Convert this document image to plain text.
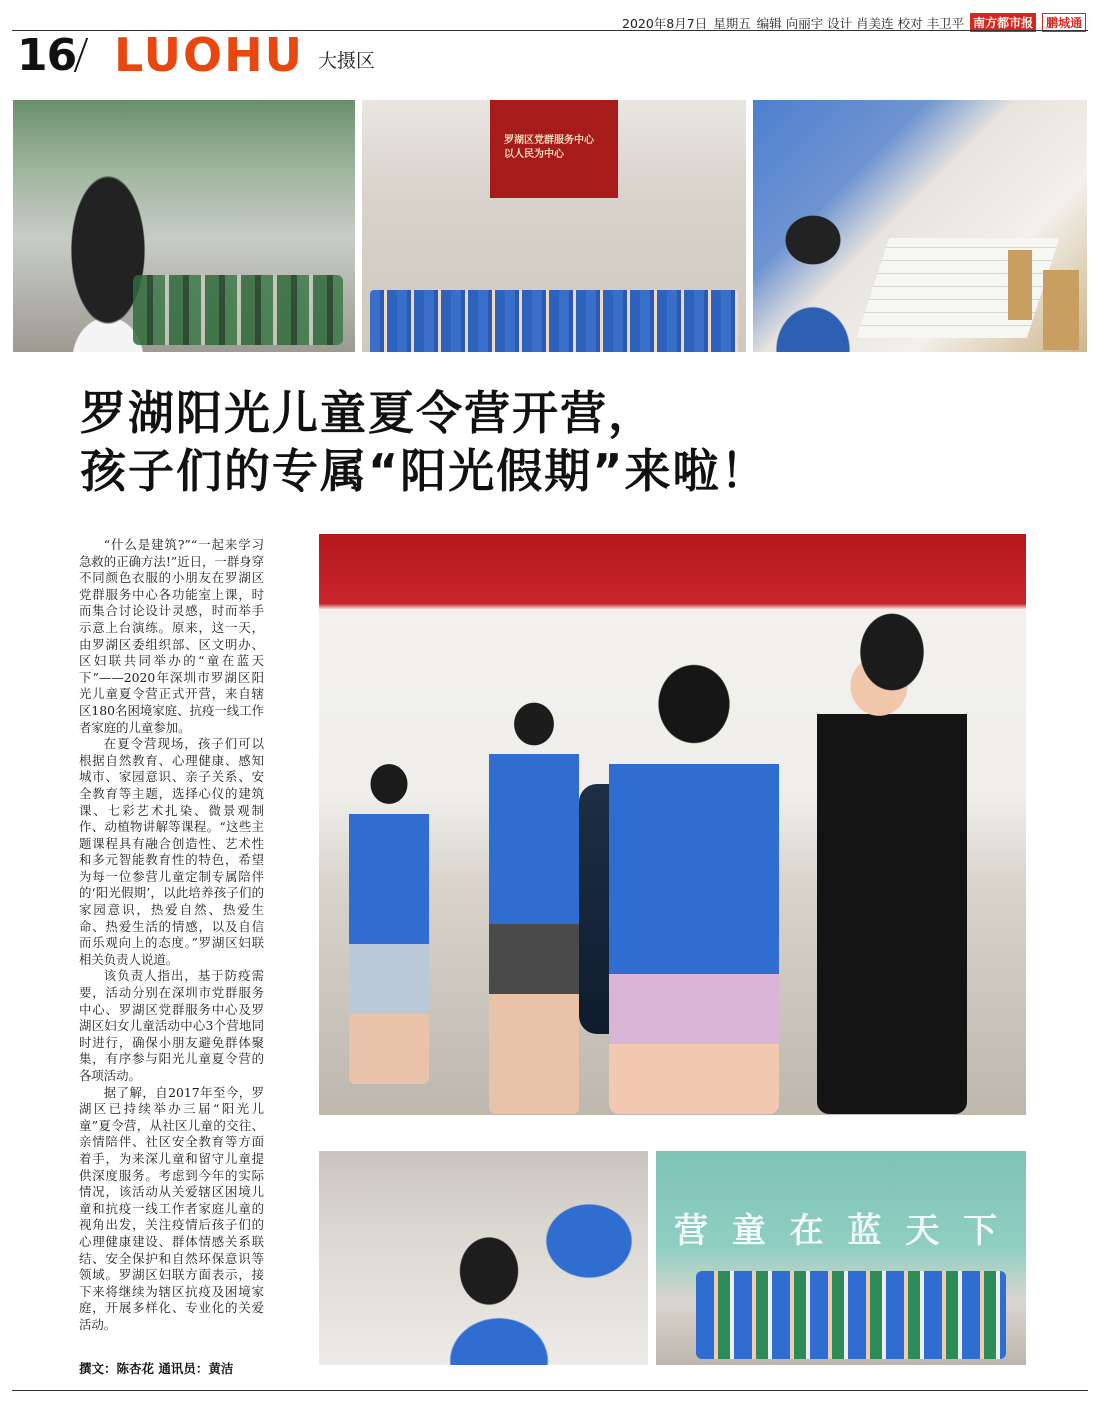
2020年8月7日 星期五 编辑 向丽宇 设计 肖美连 校对 丰卫平 南方都市报	鹏城通
16 LUOHU 大摄区
罗湖区党群服务中心
以人民为中心
罗湖阳光儿童夏令营开营，
孩子们的专属“阳光假期”来啦！

“什么是建筑?”“一起来学习急救的正确方法!”近日，一群身穿不同颜色衣服的小朋友在罗湖区党群服务中心各功能室上课，时而集合讨论设计灵感，时而举手示意上台演练。原来，这一天，由罗湖区委组织部、区文明办、区妇联共同举办的“童在蓝天下”——2020年深圳市罗湖区阳光儿童夏令营正式开营，来自辖区180名困境家庭、抗疫一线工作者家庭的儿童参加。

在夏令营现场，孩子们可以根据自然教育、心理健康、感知城市、家园意识、亲子关系、安全教育等主题，选择心仪的建筑课、七彩艺术扎染、微景观制作、动植物讲解等课程。“这些主题课程具有融合创造性、艺术性和多元智能教育性的特色，希望为每一位参营儿童定制专属陪伴的‘阳光假期’，以此培养孩子们的家园意识，热爱自然、热爱生命、热爱生活的情感，以及自信而乐观向上的态度。”罗湖区妇联相关负责人说道。

该负责人指出，基于防疫需要，活动分别在深圳市党群服务中心、罗湖区党群服务中心及罗湖区妇女儿童活动中心3个营地同时进行，确保小朋友避免群体聚集，有序参与阳光儿童夏令营的各项活动。

据了解，自2017年至今，罗湖区已持续举办三届“阳光儿童”夏令营，从社区儿童的交往、亲情陪伴、社区安全教育等方面着手，为来深儿童和留守儿童提供深度服务。考虑到今年的实际情况，该活动从关爱辖区困境儿童和抗疫一线工作者家庭儿童的视角出发，关注疫情后孩子们的心理健康建设、群体情感关系联结、安全保护和自然环保意识等领域。罗湖区妇联方面表示，接下来将继续为辖区抗疫及困境家庭，开展多样化、专业化的关爱活动。

撰文：陈杏花 通讯员：黄洁
营 童 在 蓝 天 下
